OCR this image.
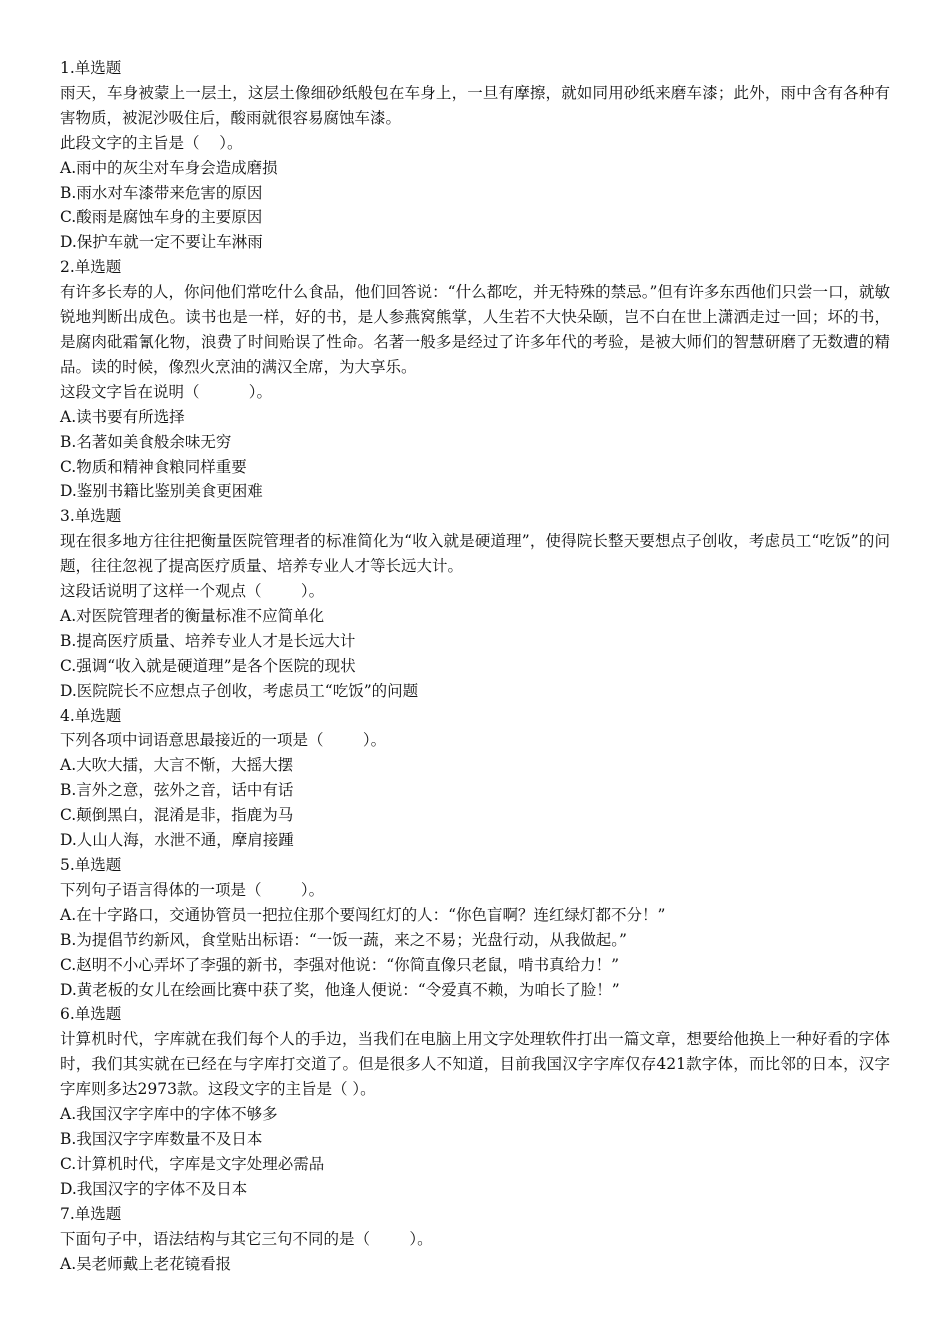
1.单选题

雨天，车身被蒙上一层土，这层土像细砂纸般包在车身上，一旦有摩擦，就如同用砂纸来磨车漆；此外，雨中含有各种有害物质，被泥沙吸住后，酸雨就很容易腐蚀车漆。

此段文字的主旨是（    ）。

A.雨中的灰尘对车身会造成磨损

B.雨水对车漆带来危害的原因

C.酸雨是腐蚀车身的主要原因

D.保护车就一定不要让车淋雨

2.单选题

有许多长寿的人，你问他们常吃什么食品，他们回答说：“什么都吃，并无特殊的禁忌。”但有许多东西他们只尝一口，就敏锐地判断出成色。读书也是一样，好的书，是人参燕窝熊掌，人生若不大快朵颐，岂不白在世上潇洒走过一回；坏的书，是腐肉砒霜氰化物，浪费了时间贻误了性命。名著一般多是经过了许多年代的考验，是被大师们的智慧研磨了无数遭的精品。读的时候，像烈火烹油的满汉全席，为大享乐。

这段文字旨在说明（          ）。

A.读书要有所选择

B.名著如美食般余味无穷

C.物质和精神食粮同样重要

D.鉴别书籍比鉴别美食更困难

3.单选题

现在很多地方往往把衡量医院管理者的标准简化为“收入就是硬道理”，使得院长整天要想点子创收，考虑员工“吃饭”的问题，往往忽视了提高医疗质量、培养专业人才等长远大计。

这段话说明了这样一个观点（        ）。

A.对医院管理者的衡量标准不应简单化

B.提高医疗质量、培养专业人才是长远大计

C.强调“收入就是硬道理”是各个医院的现状

D.医院院长不应想点子创收，考虑员工“吃饭”的问题

4.单选题

下列各项中词语意思最接近的一项是（        ）。

A.大吹大擂，大言不惭，大摇大摆

B.言外之意，弦外之音，话中有话

C.颠倒黑白，混淆是非，指鹿为马

D.人山人海，水泄不通，摩肩接踵

5.单选题

下列句子语言得体的一项是（        ）。

A.在十字路口，交通协管员一把拉住那个要闯红灯的人：“你色盲啊？连红绿灯都不分！”

B.为提倡节约新风，食堂贴出标语：“一饭一蔬，来之不易；光盘行动，从我做起。”

C.赵明不小心弄坏了李强的新书，李强对他说：“你简直像只老鼠，啃书真给力！”

D.黄老板的女儿在绘画比赛中获了奖，他逢人便说：“令爱真不赖，为咱长了脸！”

6.单选题

计算机时代，字库就在我们每个人的手边，当我们在电脑上用文字处理软件打出一篇文章，想要给他换上一种好看的字体时，我们其实就在已经在与字库打交道了。但是很多人不知道，目前我国汉字字库仅存421款字体，而比邻的日本，汉字字库则多达2973款。这段文字的主旨是（ ）。

A.我国汉字字库中的字体不够多

B.我国汉字字库数量不及日本

C.计算机时代，字库是文字处理必需品

D.我国汉字的字体不及日本

7.单选题

下面句子中，语法结构与其它三句不同的是（        ）。

A.吴老师戴上老花镜看报
